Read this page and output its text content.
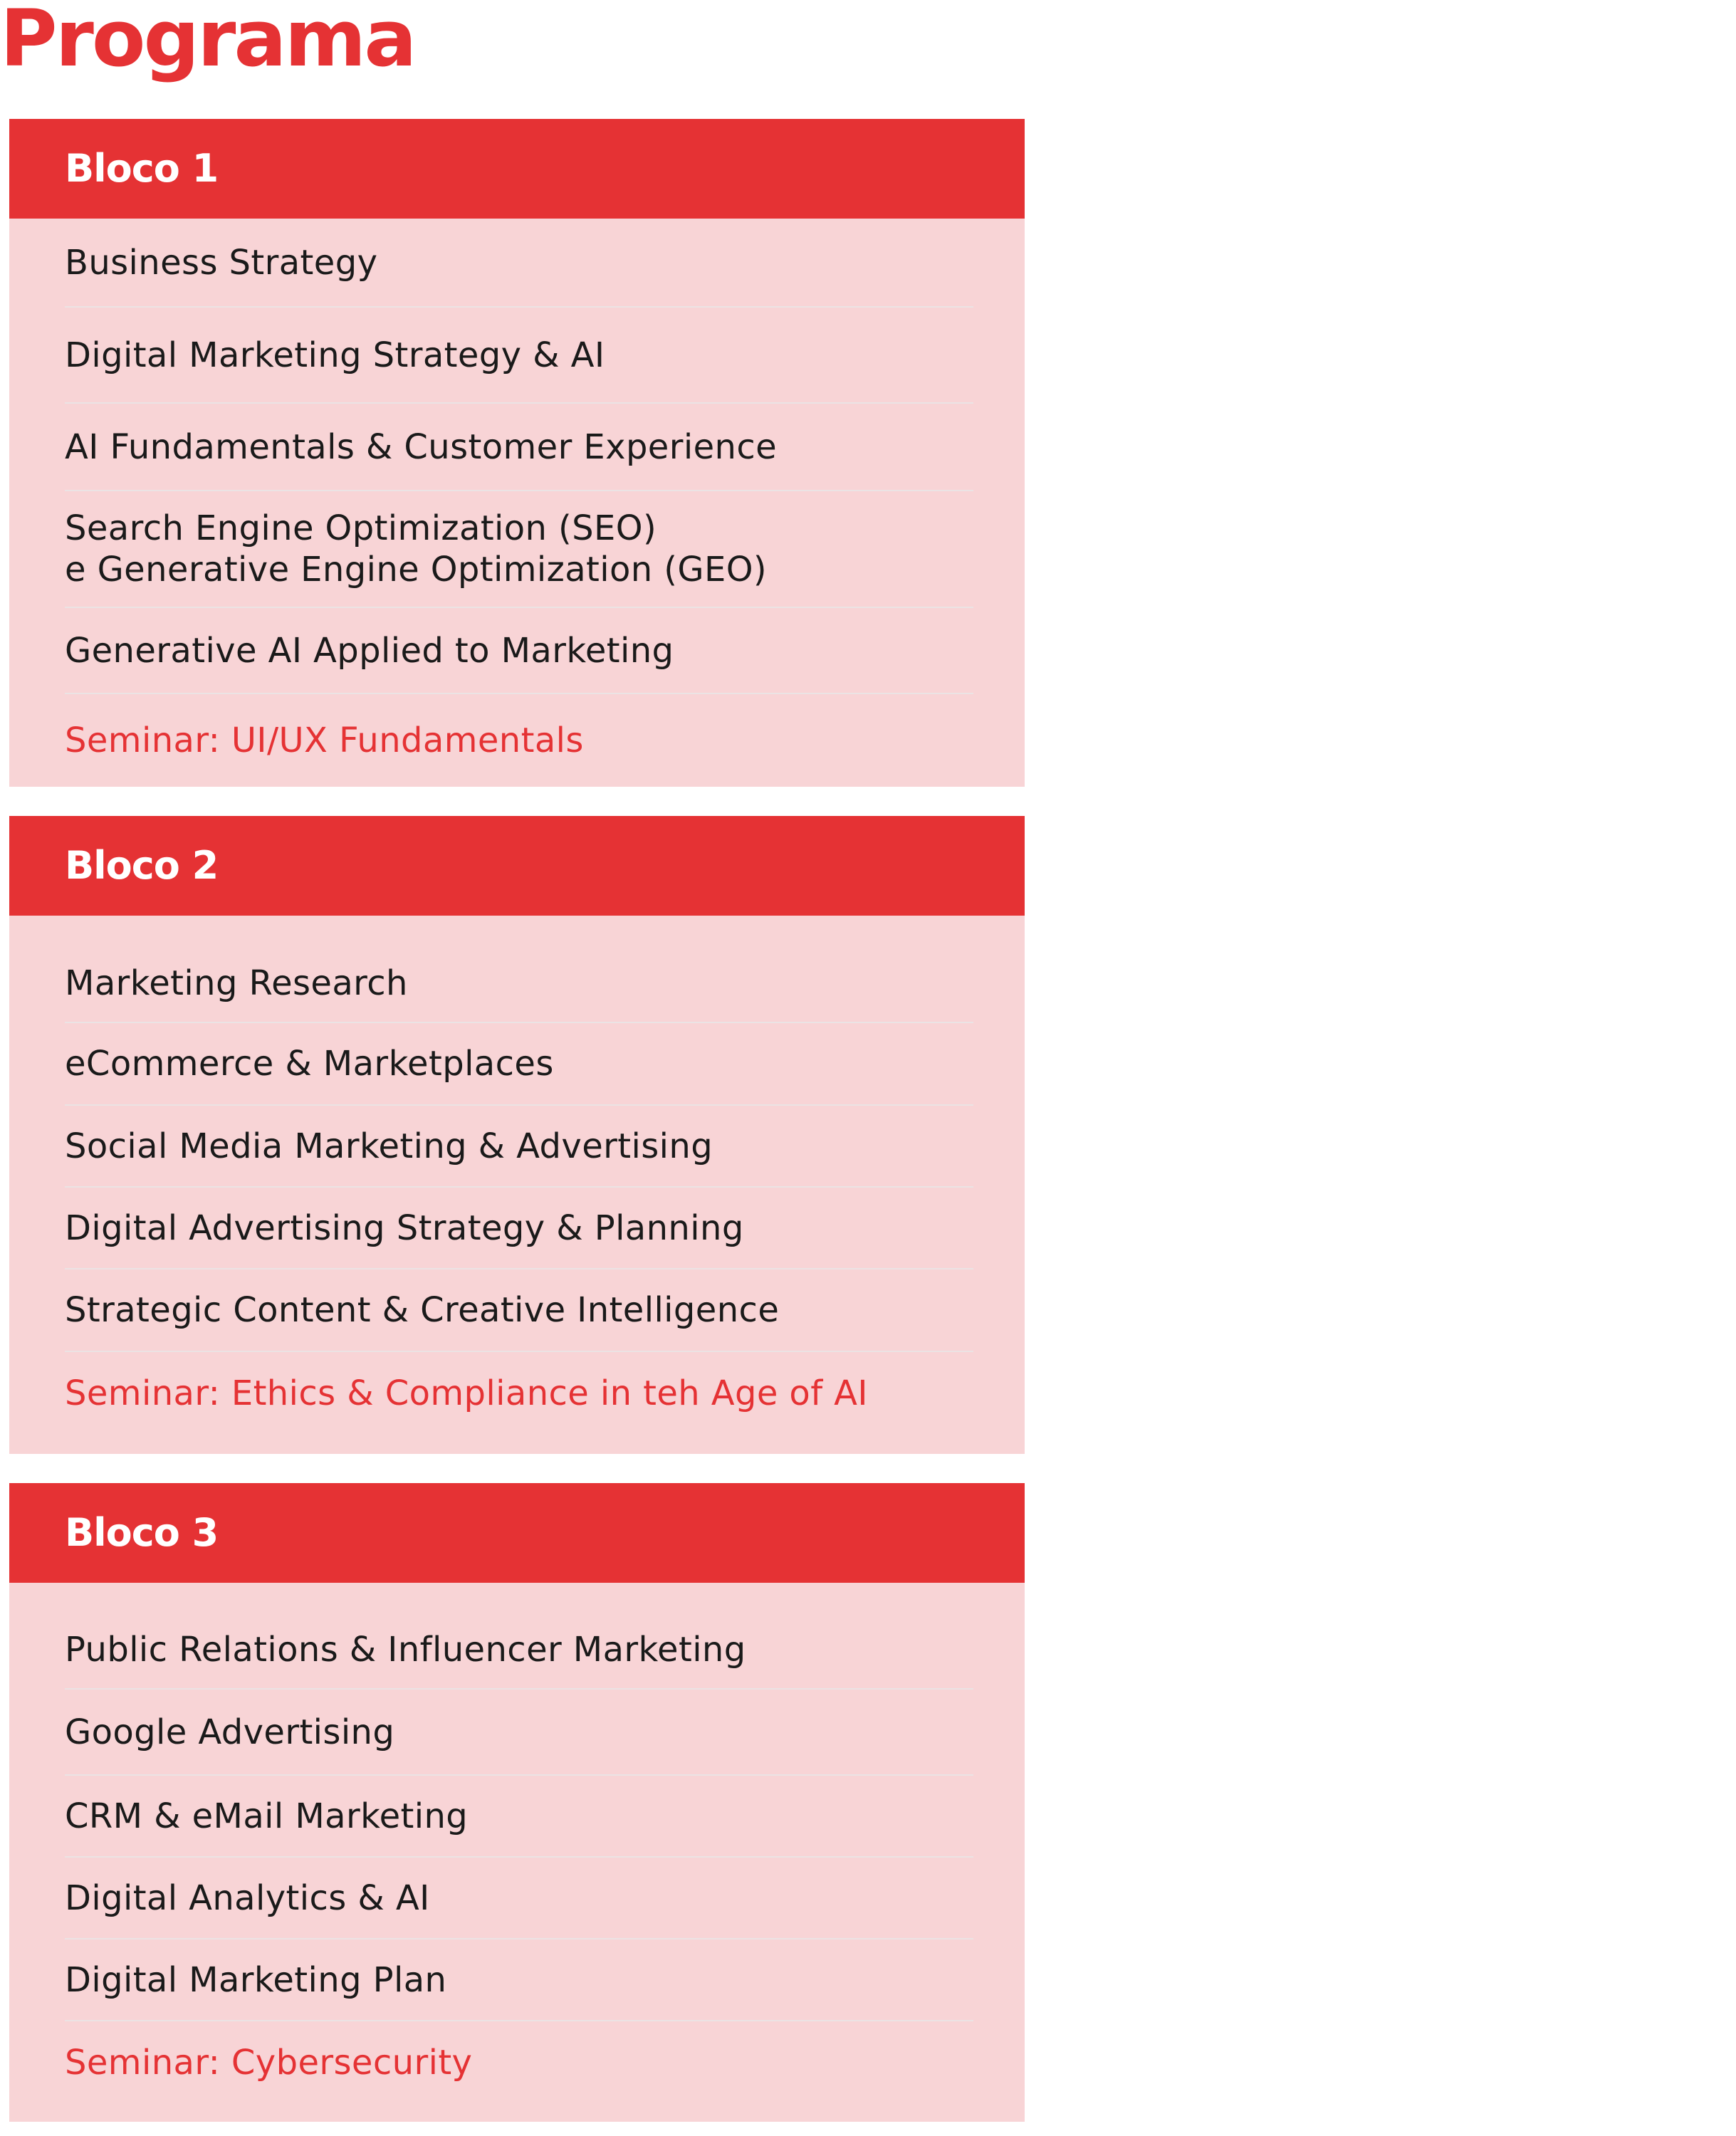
Programa
Bloco 1
Business Strategy
Digital Marketing Strategy & AI
AI Fundamentals & Customer Experience
Search Engine Optimization (SEO)
e Generative Engine Optimization (GEO)
Generative AI Applied to Marketing
Seminar: UI/UX Fundamentals
Bloco 2
Marketing Research
eCommerce & Marketplaces
Social Media Marketing & Advertising
Digital Advertising Strategy & Planning
Strategic Content & Creative Intelligence
Seminar: Ethics & Compliance in teh Age of AI
Bloco 3
Public Relations & Influencer Marketing
Google Advertising
CRM & eMail Marketing
Digital Analytics & AI
Digital Marketing Plan
Seminar: Cybersecurity
